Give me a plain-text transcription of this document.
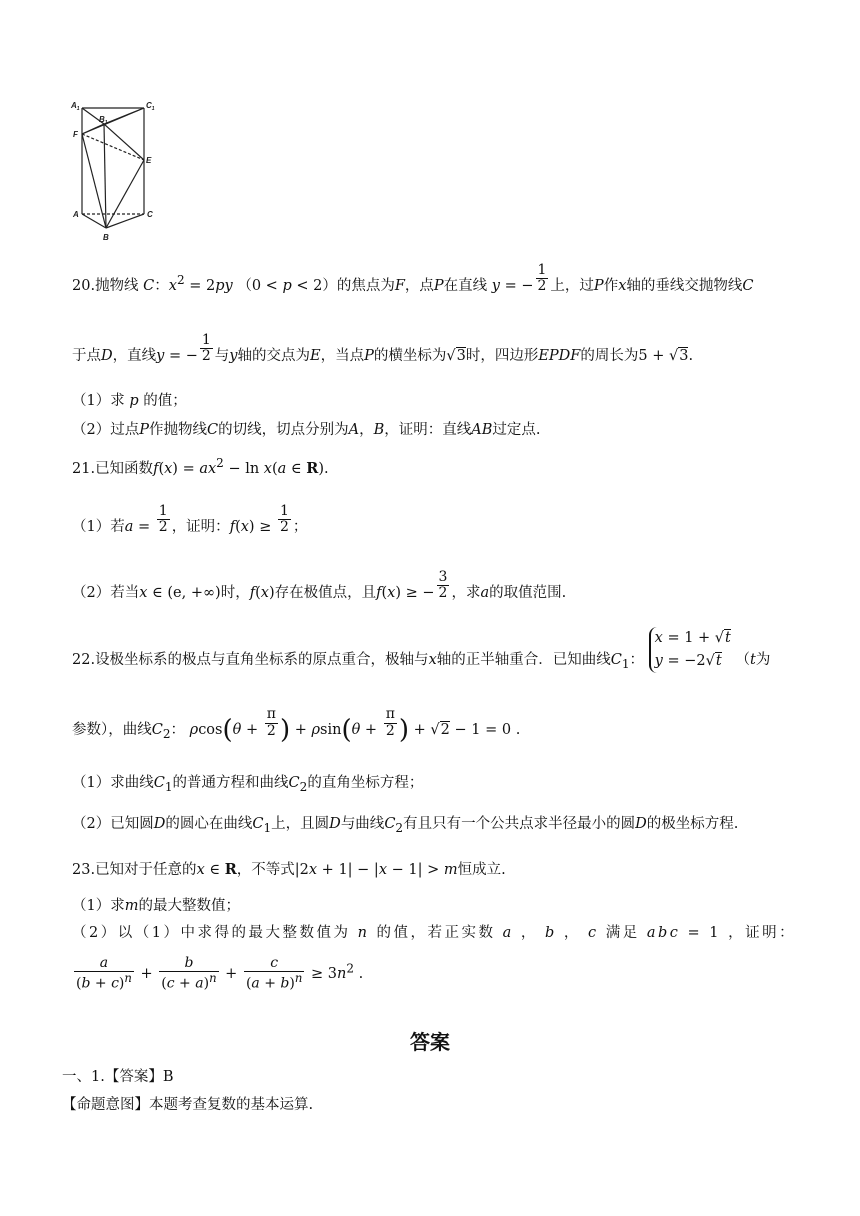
$A_1$
$B_1$
$C_1$
F
E
A	C
B
20.抛物线 C：$x^2 = 2py$ （0 < p < 2）的焦点为F，点P在直线 y = − $\frac{1}{2}$ 上，过P作x轴的垂线交抛物线C
于点D，直线y = − $\frac{1}{2}$ 与y轴的交点为E，当点P的横坐标为√3时，四边形EPDF的周长为5 + √3.
（1）求 p 的值；
（2）过点P作抛物线C的切线，切点分别为A，B，证明：直线AB过定点.
21.已知函数$f(x) = ax^2 - \ln x(a$ ∈ R).
（1）若$a = \frac{1}{2}$ ，证明：$f(x) \ge \frac{1}{2}$ ；
（2）若当x ∈ (e, +∞)时，f(x)存在极值点，且f(x) ≥ − $\frac{3}{2}$ ，求a的取值范围.
22.设极坐标系的极点与直角坐标系的原点重合，极轴与x轴的正半轴重合．已知曲线$C_1$：
x = 1 + √t
y = −2√t （t为
参数），曲线$C_2$： $\rho\cos(\theta + \frac{\pi}{2}$ ) + $\rho\sin(\theta + \frac{\pi}{2}$ ) + √2 − 1 = 0 .
（1）求曲线$C_1$的普通方程和曲线$C_2$的直角坐标方程；
（2）已知圆D的圆心在曲线$C_1$上，且圆D与曲线$C_2$有且只有一个公共点求半径最小的圆D的极坐标方程.
23.已知对于任意的x ∈ R，不等式|2x + 1| − |x − 1| > m恒成立.
（1）求m的最大整数值；
（2）以（1）中求得的最大整数值为 n 的值，若正实数 a ， b ， c 满足 abc = 1 ，证明：
$\frac{a}{(b + c)^n} + \frac{b}{(c + a)^n} + \frac{c}{(a + b)^n} \ge 3n^2$ .
答案
一、1.【答案】B
【命题意图】本题考查复数的基本运算.
